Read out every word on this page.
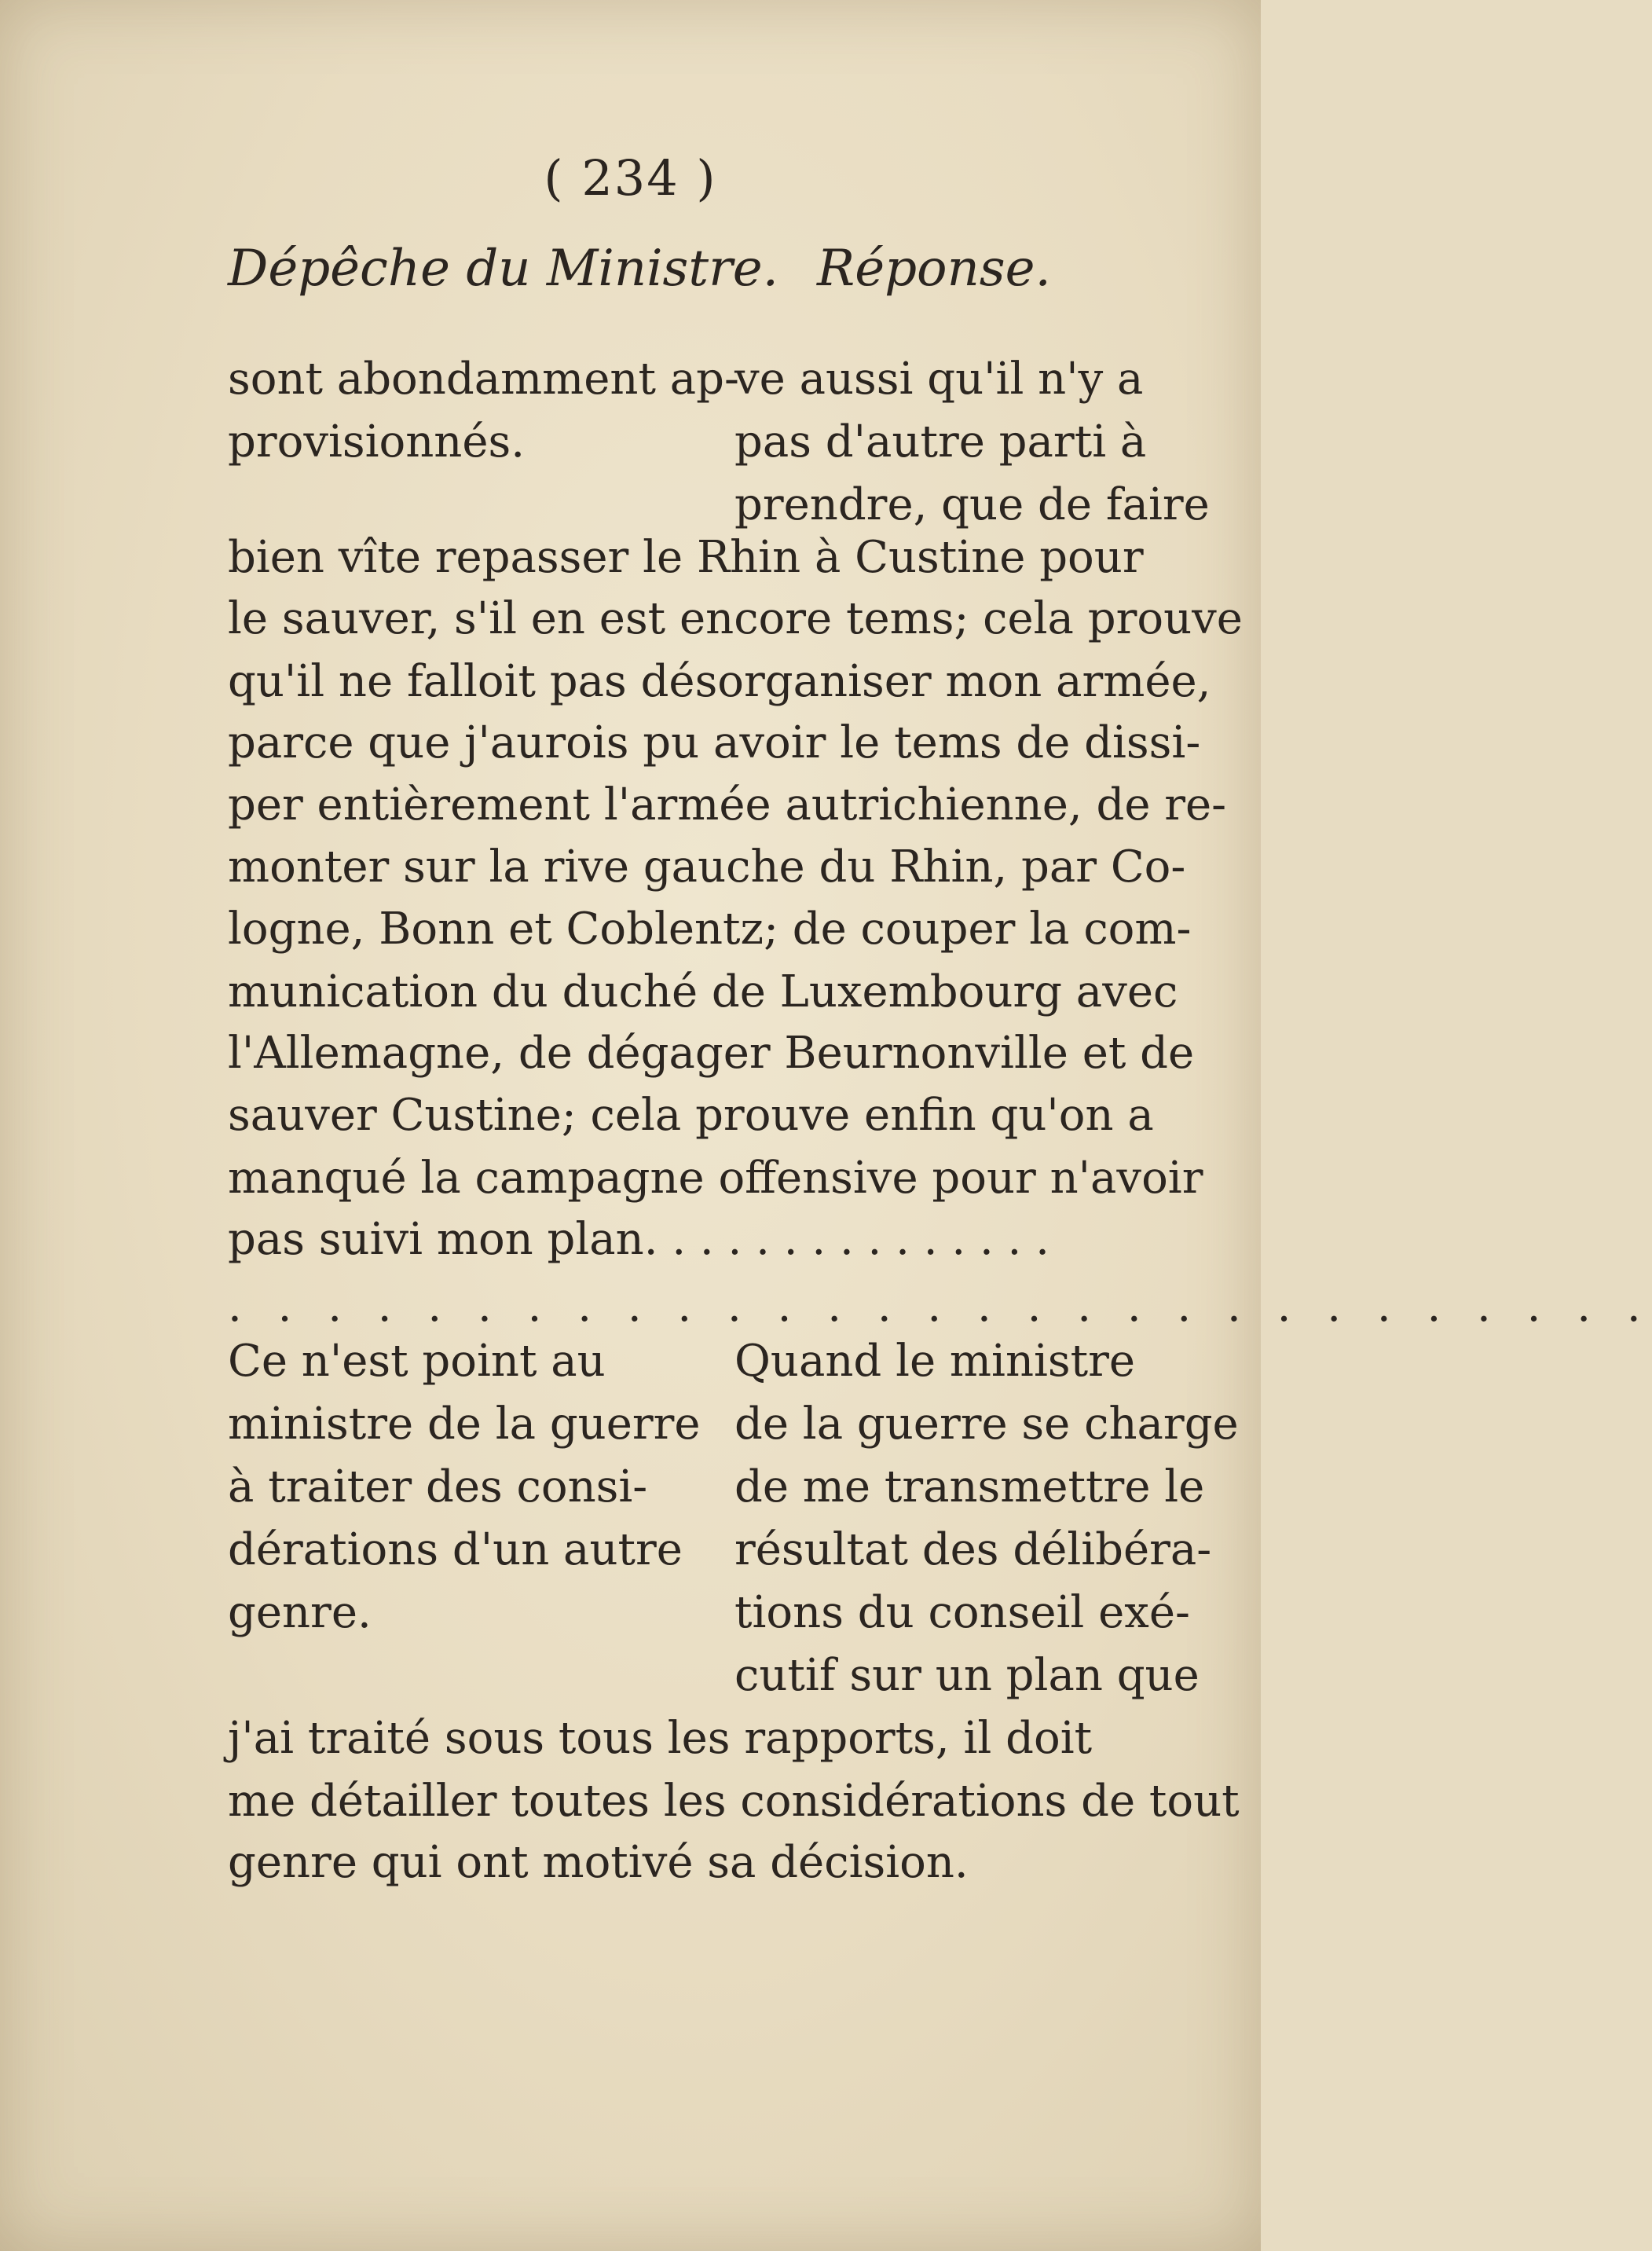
( 234 )
Dépêche du Ministre. Réponse.
sont abondamment ap-
provisionnés.
ve aussi qu'il n'y a
pas d'autre parti à
prendre, que de faire
bien vîte repasser le Rhin à Custine pour
le sauver, s'il en est encore tems; cela prouve
qu'il ne falloit pas désorganiser mon armée,
parce que j'aurois pu avoir le tems de dissi-
per entièrement l'armée autrichienne, de re-
monter sur la rive gauche du Rhin, par Co-
logne, Bonn et Coblentz; de couper la com-
munication du duché de Luxembourg avec
l'Allemagne, de dégager Beurnonville et de
sauver Custine; cela prouve enfin qu'on a
manqué la campagne offensive pour n'avoir
pas suivi mon plan. . . . . . . . . . . . . . .
. . . . . . . . . . . . . . . . . . . . . . . . . . . . .
Ce n'est point au
ministre de la guerre
à traiter des consi-
dérations d'un autre
genre.
Quand le ministre
de la guerre se charge
de me transmettre le
résultat des délibéra-
tions du conseil exé-
cutif sur un plan que
j'ai traité sous tous les rapports, il doit
me détailler toutes les considérations de tout
genre qui ont motivé sa décision.
